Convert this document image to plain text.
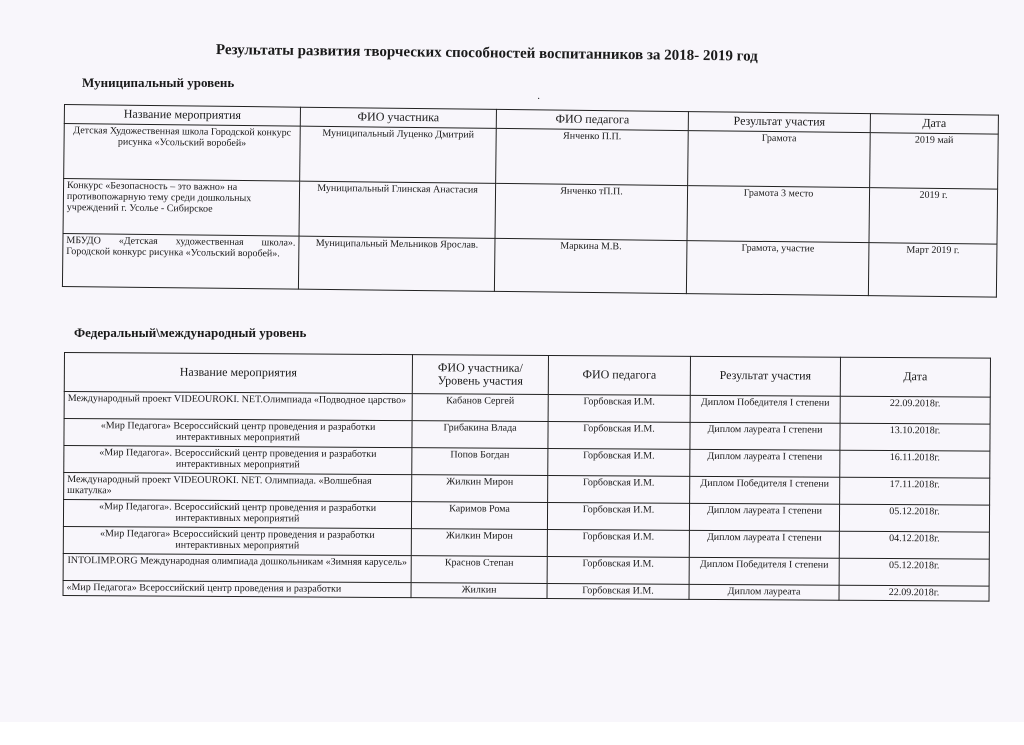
Результаты развития творческих способностей воспитанников за 2018- 2019 год
Муниципальный уровень
·
Название мероприятия	ФИО участника	ФИО педагога	Результат участия	Дата
Детская Художественная школа Городской конкурс рисунка «Усольский воробей»	Муниципальный Луценко Дмитрий	Янченко П.П.	Грамота	2019 май
Конкурс «Безопасность – это важно» на противопожарную тему среди дошкольных учреждений г. Усолье - Сибирское	Муниципальный Глинская Анастасия	Янченко тП.П.	Грамота 3 место	2019 г.
МБУДО «Детская художественная школа». Городской конкурс рисунка «Усольский воробей».	Муниципальный Мельников Ярослав.	Маркина М.В.	Грамота, участие	Март 2019 г.
Федеральный\международный уровень
Название мероприятия	ФИО участника/ Уровень участия	ФИО педагога	Результат участия	Дата
Международный проект VIDEOUROKI. NET.Олимпиада «Подводное царство»	Кабанов Сергей	Горбовская И.М.	Диплом Победителя I степени	22.09.2018г.
«Мир Педагога» Всероссийский центр проведения и разработки интерактивных мероприятий	Грибакина Влада	Горбовская И.М.	Диплом лауреата I степени	13.10.2018г.
«Мир Педагога». Всероссийский центр проведения и разработки интерактивных мероприятий	Попов Богдан	Горбовская И.М.	Диплом лауреата I степени	16.11.2018г.
Международный проект VIDEOUROKI. NET. Олимпиада. «Волшебная шкатулка»	Жилкин Мирон	Горбовская И.М.	Диплом Победителя I степени	17.11.2018г.
«Мир Педагога». Всероссийский центр проведения и разработки интерактивных мероприятий	Каримов Рома	Горбовская И.М.	Диплом лауреата I степени	05.12.2018г.
«Мир Педагога» Всероссийский центр проведения и разработки интерактивных мероприятий	Жилкин Мирон	Горбовская И.М.	Диплом лауреата I степени	04.12.2018г.
INTOLIMP.ORG Международная олимпиада дошкольникам «Зимняя карусель»	Краснов Степан	Горбовская И.М.	Диплом Победителя I степени	05.12.2018г.
«Мир Педагога» Всероссийский центр проведения и разработки	Жилкин	Горбовская И.М.	Диплом лауреата	22.09.2018г.
